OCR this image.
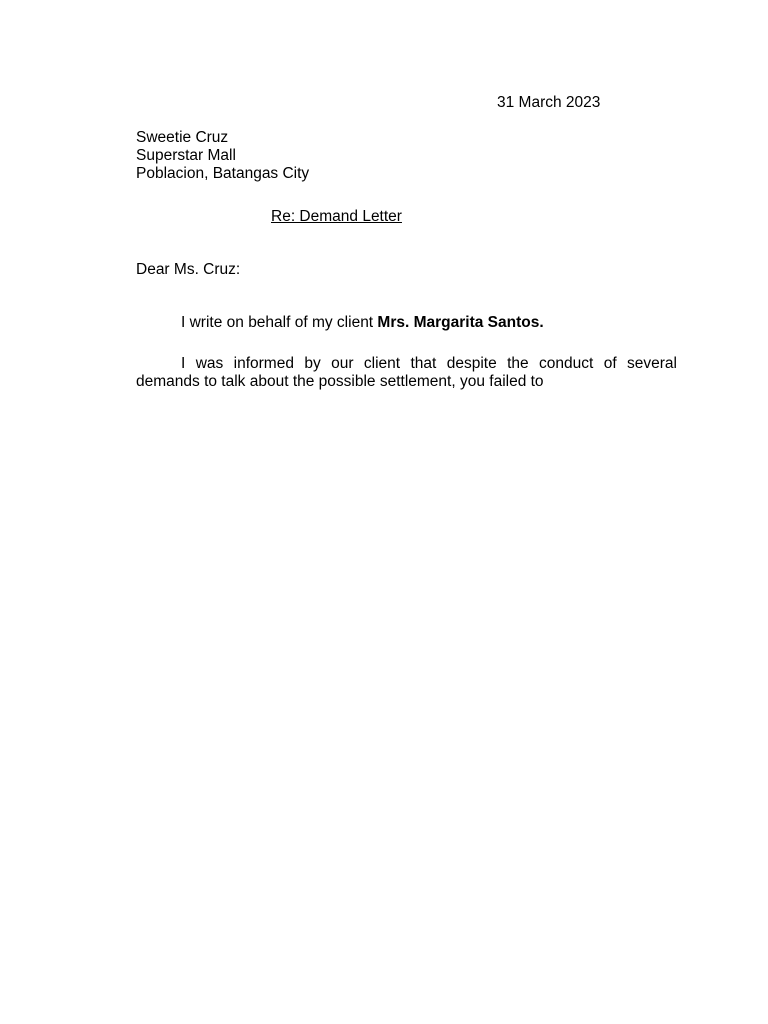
31 March 2023
Sweetie Cruz
Superstar Mall
Poblacion, Batangas City
Re: Demand Letter
Dear Ms. Cruz:
I write on behalf of my client Mrs. Margarita Santos.
I was informed by our client that despite the conduct of several demands to talk about the possible settlement, you failed to
